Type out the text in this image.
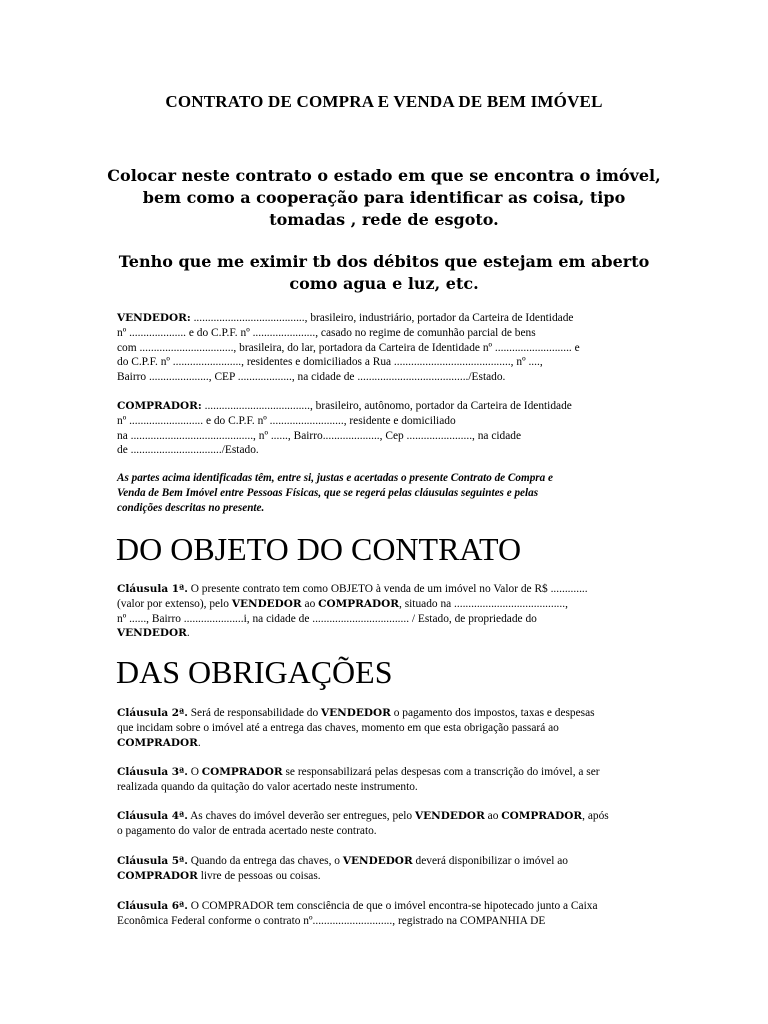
CONTRATO DE COMPRA E VENDA DE BEM IMÓVEL
Colocar neste contrato o estado em que se encontra o imóvel,
bem como a cooperação para identificar as coisa, tipo
tomadas , rede de esgoto.
Tenho que me eximir tb dos débitos que estejam em aberto
como agua e luz, etc.
VENDEDOR: ......................................., brasileiro, industriário, portador da Carteira de Identidade
nº .................... e do C.P.F. nº ......................, casado no regime de comunhão parcial de bens
com ................................., brasileira, do lar, portadora da Carteira de Identidade nº ........................... e
do C.P.F. nº ........................, residentes e domiciliados a Rua ........................................., nº ....,
Bairro ....................., CEP ..................., na cidade de ......................................./Estado.
COMPRADOR: ....................................., brasileiro, autônomo, portador da Carteira de Identidade
nº .......................... e do C.P.F. nº .........................., residente e domiciliado
na ..........................................., nº ......, Bairro...................., Cep ......................., na cidade
de ................................/Estado.
As partes acima identificadas têm, entre si, justas e acertadas o presente Contrato de Compra e
Venda de Bem Imóvel entre Pessoas Físicas, que se regerá pelas cláusulas seguintes e pelas
condições descritas no presente.
DO OBJETO DO CONTRATO
Cláusula 1ª. O presente contrato tem como OBJETO à venda de um imóvel no Valor de R$ .............
(valor por extenso), pelo VENDEDOR ao COMPRADOR, situado na .......................................,
nº ......, Bairro .....................i, na cidade de .................................. / Estado, de propriedade do
VENDEDOR.
DAS OBRIGAÇÕES
Cláusula 2ª. Será de responsabilidade do VENDEDOR o pagamento dos impostos, taxas e despesas
que incidam sobre o imóvel até a entrega das chaves, momento em que esta obrigação passará ao
COMPRADOR.
Cláusula 3ª. O COMPRADOR se responsabilizará pelas despesas com a transcrição do imóvel, a ser
realizada quando da quitação do valor acertado neste instrumento.
Cláusula 4ª. As chaves do imóvel deverão ser entregues, pelo VENDEDOR ao COMPRADOR, após
o pagamento do valor de entrada acertado neste contrato.
Cláusula 5ª. Quando da entrega das chaves, o VENDEDOR deverá disponibilizar o imóvel ao
COMPRADOR livre de pessoas ou coisas.
Cláusula 6ª. O COMPRADOR tem consciência de que o imóvel encontra-se hipotecado junto a Caixa
Econômica Federal conforme o contrato nº............................, registrado na COMPANHIA DE
